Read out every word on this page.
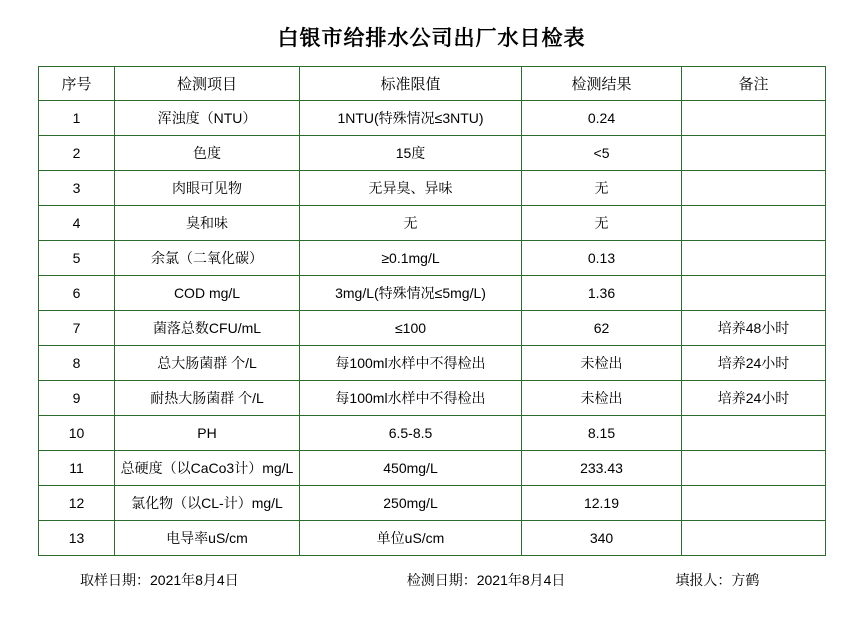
白银市给排水公司出厂水日检表
序号	检测项目	标准限值	检测结果	备注
1	浑浊度（NTU）	1NTU(特殊情况≤3NTU)	0.24	
2	色度	15度	<5	
3	肉眼可见物	无异臭、异味	无	
4	臭和味	无	无	
5	余氯（二氧化碳）	≥0.1mg/L	0.13	
6	COD mg/L	3mg/L(特殊情况≤5mg/L)	1.36	
7	菌落总数CFU/mL	≤100	62	培养48小时
8	总大肠菌群 个/L	每100ml水样中不得检出	未检出	培养24小时
9	耐热大肠菌群 个/L	每100ml水样中不得检出	未检出	培养24小时
10	PH	6.5-8.5	8.15	
11	总硬度（以CaCo3计）mg/L	450mg/L	233.43	
12	氯化物（以CL-计）mg/L	250mg/L	12.19	
13	电导率uS/cm	单位uS/cm	340	
取样日期：2021年8月4日	检测日期：2021年8月4日	填报人：方鹤
